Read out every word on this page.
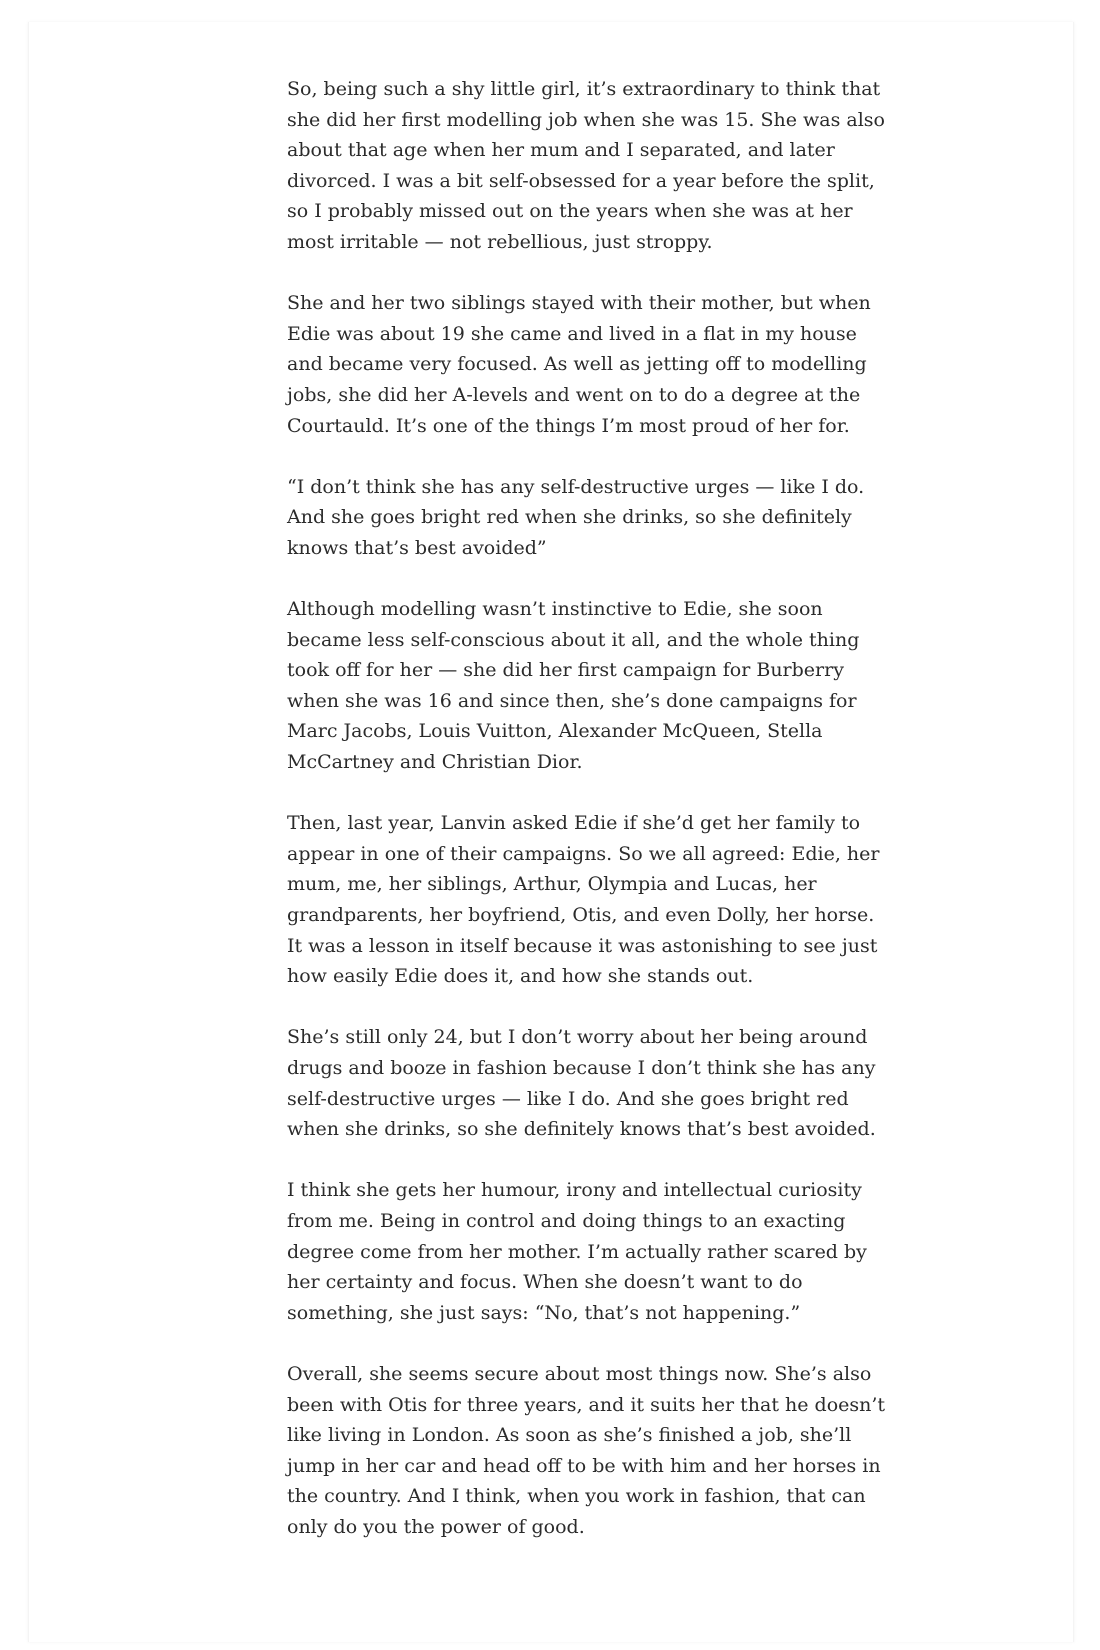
So, being such a shy little girl, it’s extraordinary to think that she did her first modelling job when she was 15. She was also about that age when her mum and I separated, and later divorced. I was a bit self-obsessed for a year before the split, so I probably missed out on the years when she was at her most irritable — not rebellious, just stroppy.

She and her two siblings stayed with their mother, but when Edie was about 19 she came and lived in a flat in my house and became very focused. As well as jetting off to modelling jobs, she did her A-levels and went on to do a degree at the Courtauld. It’s one of the things I’m most proud of her for.

“I don’t think she has any self-destructive urges — like I do. And she goes bright red when she drinks, so she definitely knows that’s best avoided”

Although modelling wasn’t instinctive to Edie, she soon became less self-conscious about it all, and the whole thing took off for her — she did her first campaign for Burberry when she was 16 and since then, she’s done campaigns for Marc Jacobs, Louis Vuitton, Alexander McQueen, Stella McCartney and Christian Dior.

Then, last year, Lanvin asked Edie if she’d get her family to appear in one of their campaigns. So we all agreed: Edie, her mum, me, her siblings, Arthur, Olympia and Lucas, her grandparents, her boyfriend, Otis, and even Dolly, her horse. It was a lesson in itself because it was astonishing to see just how easily Edie does it, and how she stands out.

She’s still only 24, but I don’t worry about her being around drugs and booze in fashion because I don’t think she has any self-destructive urges — like I do. And she goes bright red when she drinks, so she definitely knows that’s best avoided.

I think she gets her humour, irony and intellectual curiosity from me. Being in control and doing things to an exacting degree come from her mother. I’m actually rather scared by her certainty and focus. When she doesn’t want to do something, she just says: “No, that’s not happening.”

Overall, she seems secure about most things now. She’s also been with Otis for three years, and it suits her that he doesn’t like living in London. As soon as she’s finished a job, she’ll jump in her car and head off to be with him and her horses in the country. And I think, when you work in fashion, that can only do you the power of good.
